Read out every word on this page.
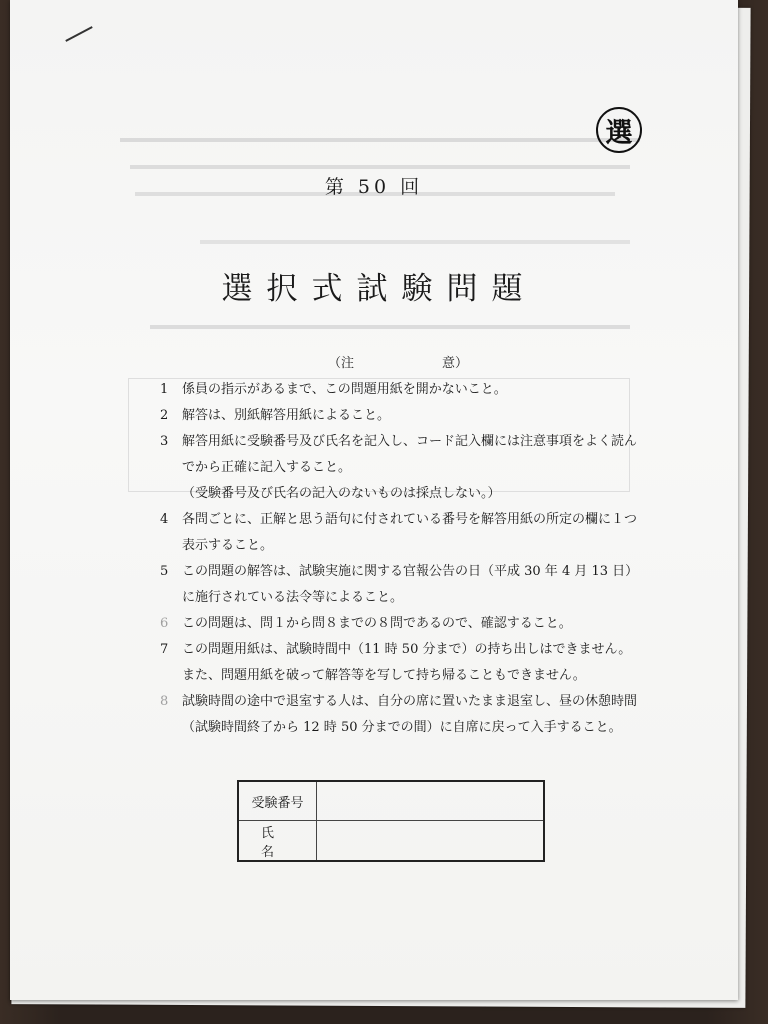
選
第 50 回
選択式試験問題
（注	意）
1	係員の指示があるまで、この問題用紙を開かないこと。
2	解答は、別紙解答用紙によること。
3	解答用紙に受験番号及び氏名を記入し、コード記入欄には注意事項をよく読んでから正確に記入すること。
（受験番号及び氏名の記入のないものは採点しない。）
4	各問ごとに、正解と思う語句に付されている番号を解答用紙の所定の欄に１つ表示すること。
5	この問題の解答は、試験実施に関する官報公告の日（平成 30 年 4 月 13 日）に施行されている法令等によること。
6	この問題は、問１から問８までの８問であるので、確認すること。
7	この問題用紙は、試験時間中（11 時 50 分まで）の持ち出しはできません。
また、問題用紙を破って解答等を写して持ち帰ることもできません。
8	試験時間の途中で退室する人は、自分の席に置いたまま退室し、昼の休憩時間（試験時間終了から 12 時 50 分までの間）に自席に戻って入手すること。
受験番号
氏名
